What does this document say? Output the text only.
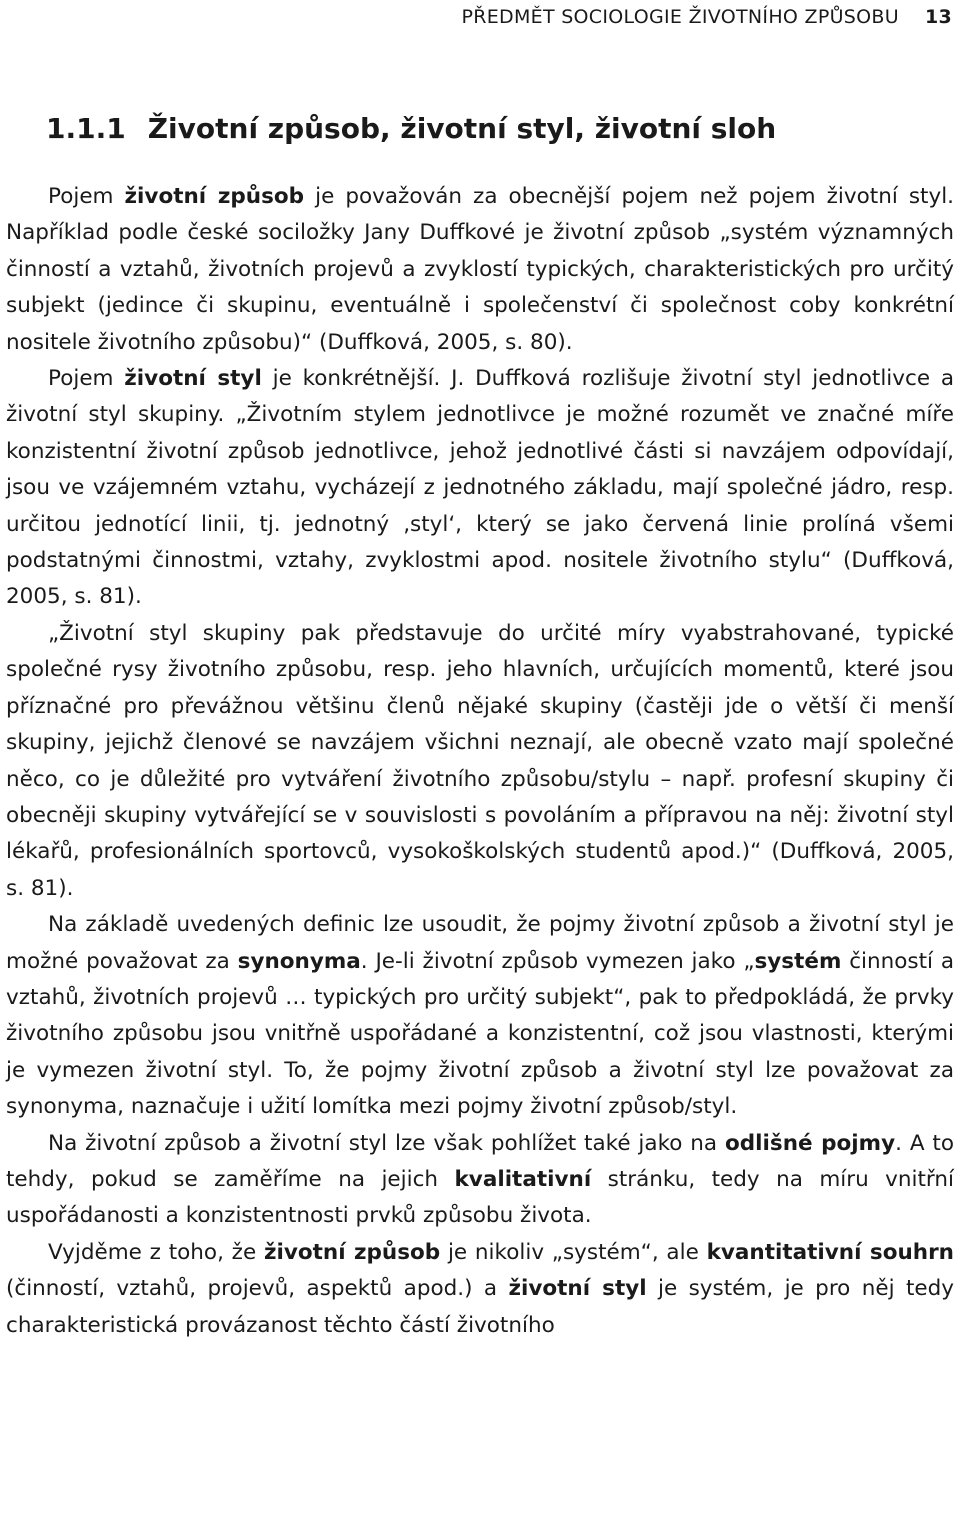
PŘEDMĚT SOCIOLOGIE ŽIVOTNÍHO ZPŮSOBU 13
1.1.1 Životní způsob, životní styl, životní sloh

Pojem životní způsob je považován za obecnější pojem než pojem životní styl. Například podle české sociložky Jany Duffkové je životní způsob „systém významných činností a vztahů, životních projevů a zvyklostí typických, charakteristických pro určitý subjekt (jedince či skupinu, eventuálně i společenství či společnost coby konkrétní nositele životního způsobu)“ (Duffková, 2005, s. 80).

Pojem životní styl je konkrétnější. J. Duffková rozlišuje životní styl jednotlivce a životní styl skupiny. „Životním stylem jednotlivce je možné rozumět ve značné míře konzistentní životní způsob jednotlivce, jehož jednotlivé části si navzájem odpovídají, jsou ve vzájemném vztahu, vycházejí z jednotného základu, mají společné jádro, resp. určitou jednotící linii, tj. jednotný ‚styl‘, který se jako červená linie prolíná všemi podstatnými činnostmi, vztahy, zvyklostmi apod. nositele životního stylu“ (Duffková, 2005, s. 81).

„Životní styl skupiny pak představuje do určité míry vyabstrahované, typické společné rysy životního způsobu, resp. jeho hlavních, určujících momentů, které jsou příznačné pro převážnou většinu členů nějaké skupiny (častěji jde o větší či menší skupiny, jejichž členové se navzájem všichni neznají, ale obecně vzato mají společné něco, co je důležité pro vytváření životního způsobu/stylu – např. profesní skupiny či obecněji skupiny vytvářející se v souvislosti s povoláním a přípravou na něj: životní styl lékařů, profesionálních sportovců, vysokoškolských studentů apod.)“ (Duffková, 2005, s. 81).

Na základě uvedených definic lze usoudit, že pojmy životní způsob a životní styl je možné považovat za synonyma. Je-li životní způsob vymezen jako „systém činností a vztahů, životních projevů … typických pro určitý subjekt“, pak to předpokládá, že prvky životního způsobu jsou vnitřně uspořádané a konzistentní, což jsou vlastnosti, kterými je vymezen životní styl. To, že pojmy životní způsob a životní styl lze považovat za synonyma, naznačuje i užití lomítka mezi pojmy životní způsob/styl.

Na životní způsob a životní styl lze však pohlížet také jako na odlišné pojmy. A to tehdy, pokud se zaměříme na jejich kvalitativní stránku, tedy na míru vnitřní uspořádanosti a konzistentnosti prvků způsobu života.

Vyjděme z toho, že životní způsob je nikoliv „systém“, ale kvantitativní souhrn (činností, vztahů, projevů, aspektů apod.) a životní styl je systém, je pro něj tedy charakteristická provázanost těchto částí životního
